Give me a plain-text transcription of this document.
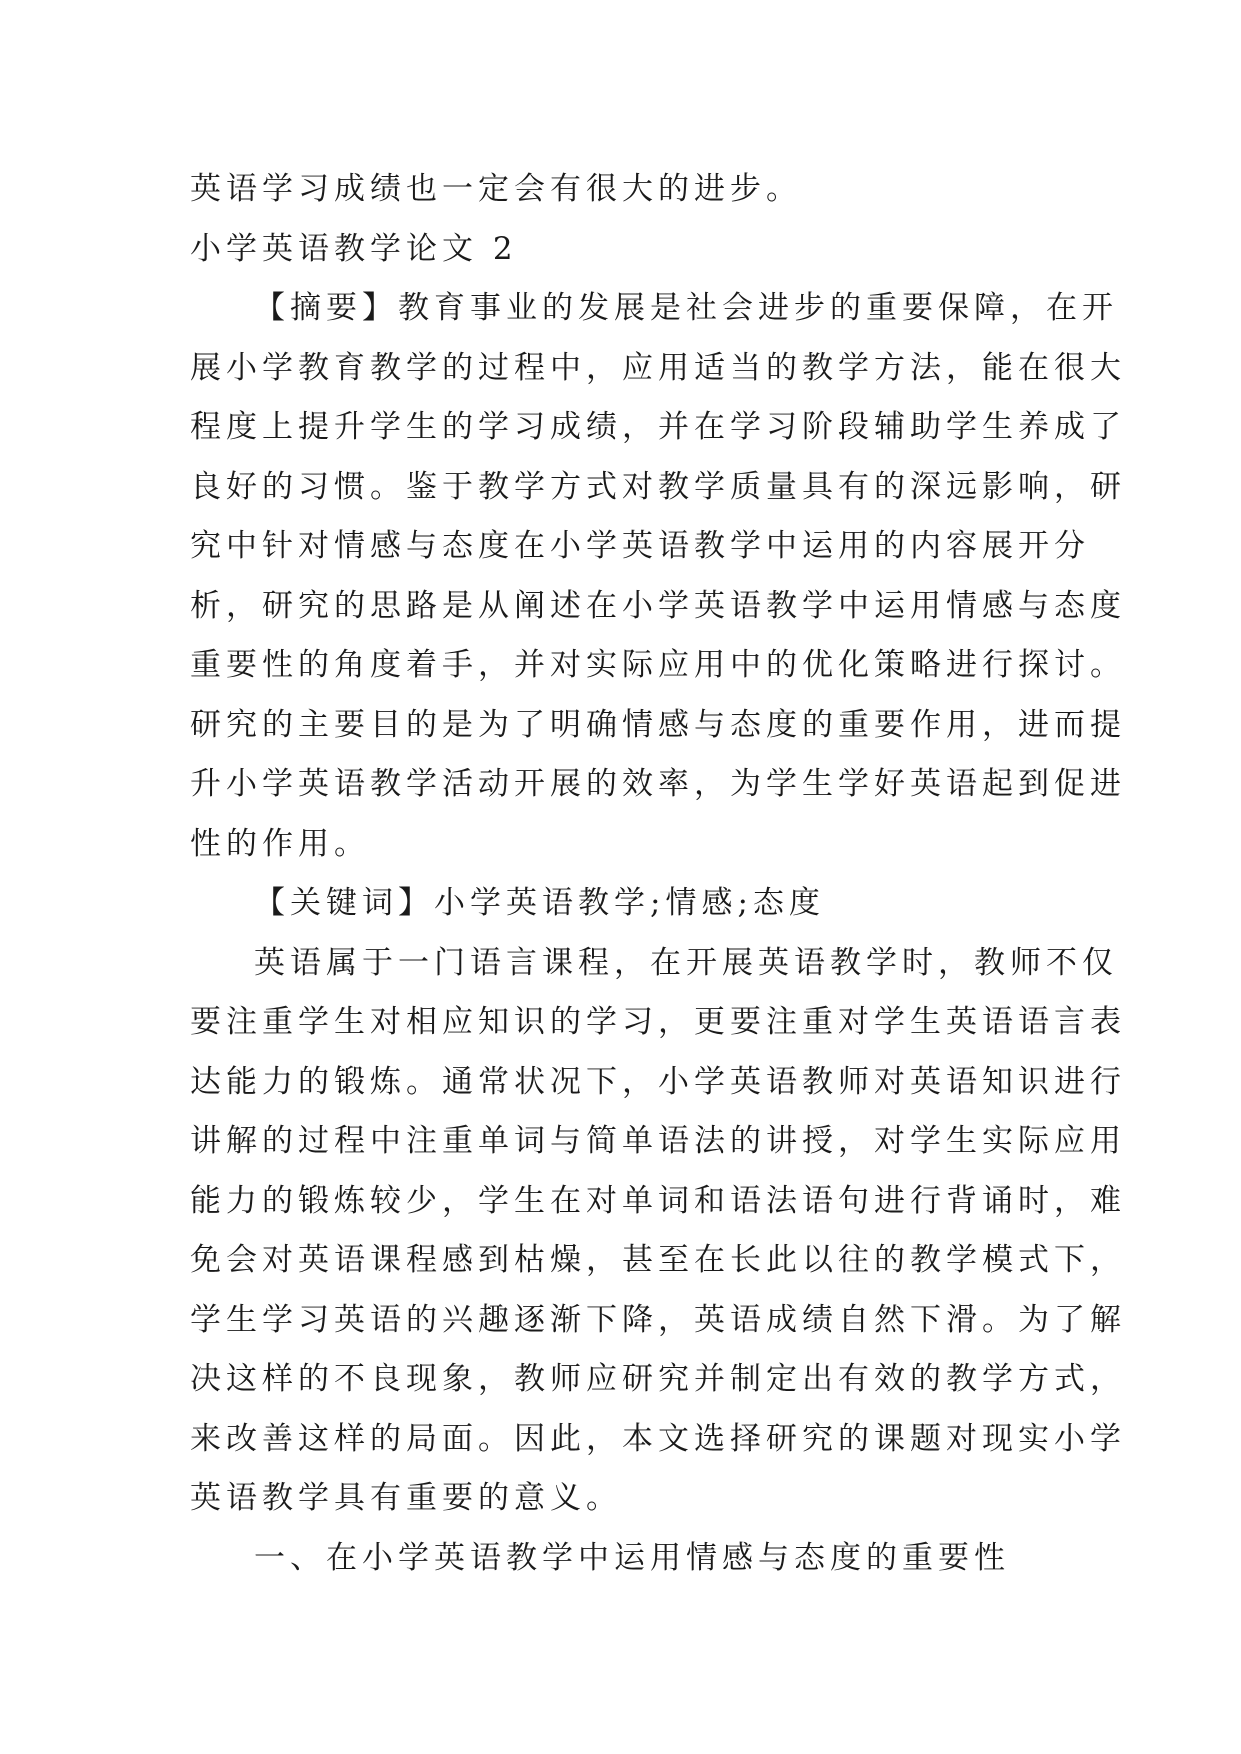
英语学习成绩也一定会有很大的进步。
小学英语教学论文 2
【摘要】教育事业的发展是社会进步的重要保障，在开
展小学教育教学的过程中，应用适当的教学方法，能在很大
程度上提升学生的学习成绩，并在学习阶段辅助学生养成了
良好的习惯。鉴于教学方式对教学质量具有的深远影响，研
究中针对情感与态度在小学英语教学中运用的内容展开分
析，研究的思路是从阐述在小学英语教学中运用情感与态度
重要性的角度着手，并对实际应用中的优化策略进行探讨。
研究的主要目的是为了明确情感与态度的重要作用，进而提
升小学英语教学活动开展的效率，为学生学好英语起到促进
性的作用。
【关键词】小学英语教学;情感;态度
英语属于一门语言课程，在开展英语教学时，教师不仅
要注重学生对相应知识的学习，更要注重对学生英语语言表
达能力的锻炼。通常状况下，小学英语教师对英语知识进行
讲解的过程中注重单词与简单语法的讲授，对学生实际应用
能力的锻炼较少，学生在对单词和语法语句进行背诵时，难
免会对英语课程感到枯燥，甚至在长此以往的教学模式下，
学生学习英语的兴趣逐渐下降，英语成绩自然下滑。为了解
决这样的不良现象，教师应研究并制定出有效的教学方式，
来改善这样的局面。因此，本文选择研究的课题对现实小学
英语教学具有重要的意义。
一、在小学英语教学中运用情感与态度的重要性
